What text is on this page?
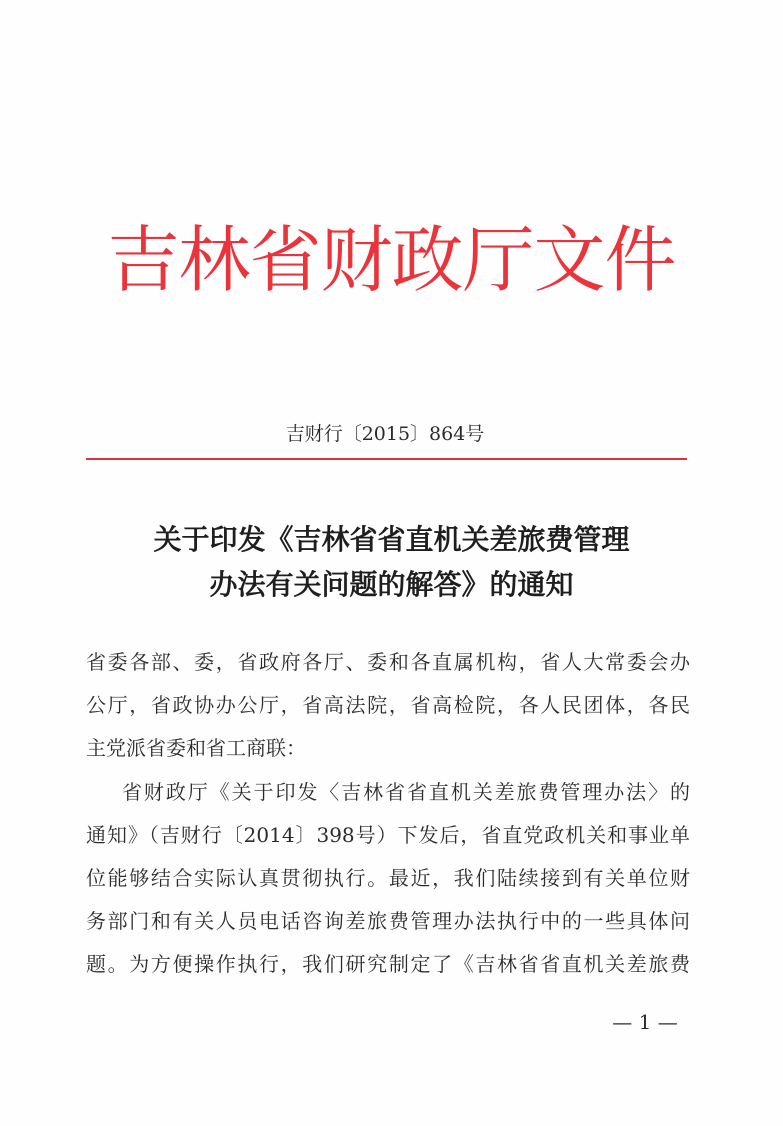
吉林省财政厅文件
吉财行〔2015〕864号
关于印发《吉林省省直机关差旅费管理
办法有关问题的解答》的通知
省委各部、委，省政府各厅、委和各直属机构，省人大常委会办
公厅，省政协办公厅，省高法院，省高检院，各人民团体，各民
主党派省委和省工商联：
省财政厅《关于印发〈吉林省省直机关差旅费管理办法〉的
通知》（吉财行〔2014〕398号）下发后，省直党政机关和事业单
位能够结合实际认真贯彻执行。最近，我们陆续接到有关单位财
务部门和有关人员电话咨询差旅费管理办法执行中的一些具体问
题。为方便操作执行，我们研究制定了《吉林省省直机关差旅费
— 1 —
